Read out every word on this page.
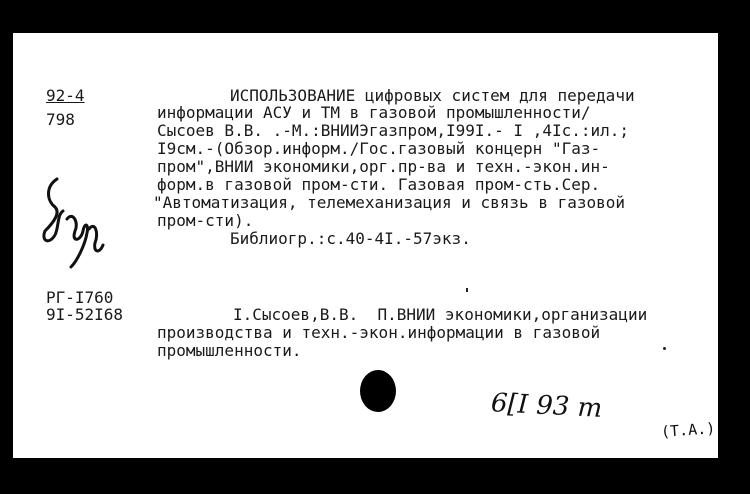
92-4

798

ИСПОЛЬЗОВАНИЕ цифровых систем для передачи

информации АСУ и ТМ в газовой промышленности/

Сысоев В.В. .-М.:ВНИИЭгазпром,I99I.- I ,4Ic.:ил.;

I9см.-(Обзор.информ./Гос.газовый концерн "Газ-

пром",ВНИИ экономики,орг.пр-ва и техн.-экон.ин-

форм.в газовой пром-сти. Газовая пром-сть.Сер.

"Автоматизация, телемеханизация и связь в газовой

пром-сти).

Библиогр.:с.40-4I.-57экз.

РГ-I760

9I-52I68	I.Сысоев,В.В.  П.ВНИИ экономики,организации

производства и техн.-экон.информации в газовой

промышленности.

6[I 93 m
(Т.А.)
